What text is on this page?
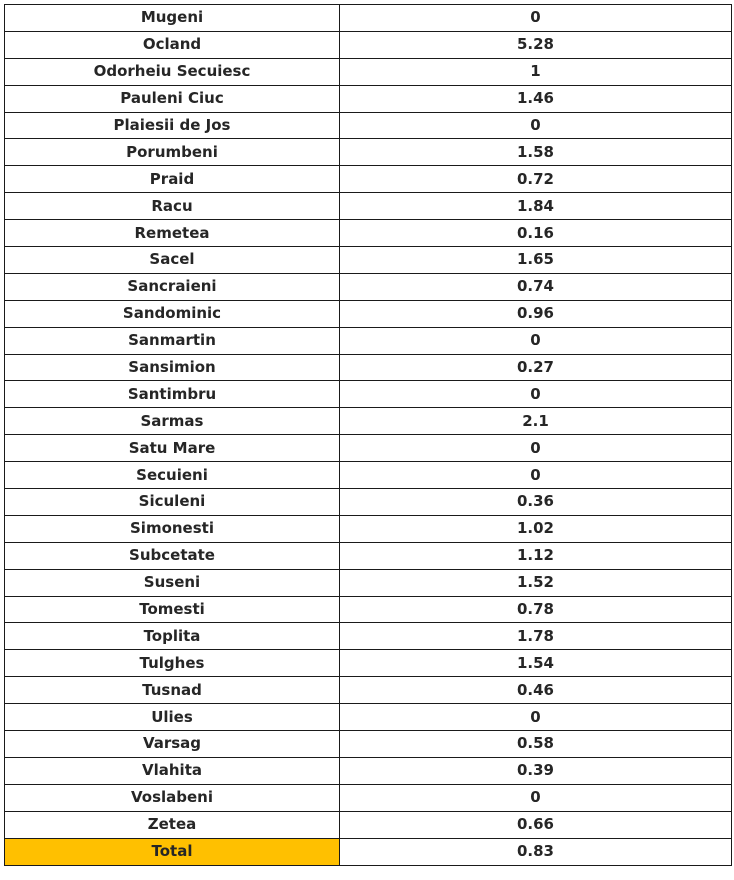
Mugeni	0
Ocland	5.28
Odorheiu Secuiesc	1
Pauleni Ciuc	1.46
Plaiesii de Jos	0
Porumbeni	1.58
Praid	0.72
Racu	1.84
Remetea	0.16
Sacel	1.65
Sancraieni	0.74
Sandominic	0.96
Sanmartin	0
Sansimion	0.27
Santimbru	0
Sarmas	2.1
Satu Mare	0
Secuieni	0
Siculeni	0.36
Simonesti	1.02
Subcetate	1.12
Suseni	1.52
Tomesti	0.78
Toplita	1.78
Tulghes	1.54
Tusnad	0.46
Ulies	0
Varsag	0.58
Vlahita	0.39
Voslabeni	0
Zetea	0.66
Total	0.83
